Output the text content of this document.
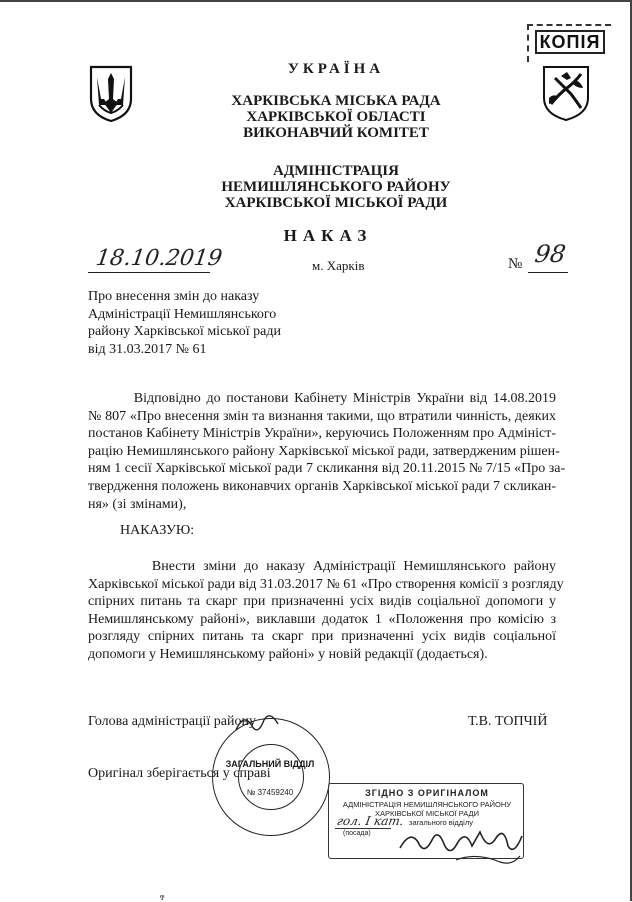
КОПІЯ
УКРАЇНА
ХАРКІВСЬКА МІСЬКА РАДА
ХАРКІВСЬКОЇ ОБЛАСТІ
ВИКОНАВЧИЙ КОМІТЕТ
АДМІНІСТРАЦІЯ
НЕМИШЛЯНСЬКОГО РАЙОНУ
ХАРКІВСЬКОЇ МІСЬКОЇ РАДИ
НАКАЗ
18.10.2019	м. Харків	№ 98
Про внесення змін до наказу
Адміністрації Немишлянського
району Харківської міської ради
від 31.03.2017 № 61
Відповідно до постанови Кабінету Міністрів України від 14.08.2019
№ 807 «Про внесення змін та визнання такими, що втратили чинність, деяких
постанов Кабінету Міністрів України», керуючись Положенням про Адмініст-
рацію Немишлянського району Харківської міської ради, затвердженим рішен-
ням 1 сесії Харківської міської ради 7 скликання від 20.11.2015 № 7/15 «Про за-
твердження положень виконавчих органів Харківської міської ради 7 скликан-
ня» (зі змінами),
НАКАЗУЮ:
Внести зміни до наказу Адміністрації Немишлянського району
Харківської міської ради від 31.03.2017 № 61 «Про створення комісії з розгляду
спірних питань та скарг при призначенні усіх видів соціальної допомоги у
Немишлянському районі», виклавши додаток 1 «Положення про комісію з
розгляду спірних питань та скарг при призначенні усіх видів соціальної
допомоги у Немишлянському районі» у новій редакції (додається).
Голова адміністрації району	Т.В. ТОПЧІЙ
Оригінал зберігається у справі
ЗАГАЛЬНИЙ ВІДДІЛ
№ 37459240	ЗГІДНО З ОРИГІНАЛОМ
АДМІНІСТРАЦІЯ НЕМИШЛЯНСЬКОГО РАЙОНУ
ХАРКІВСЬКОЇ МІСЬКОЇ РАДИ
загального відділу
гол. І кат.
(посада)
ͳ
